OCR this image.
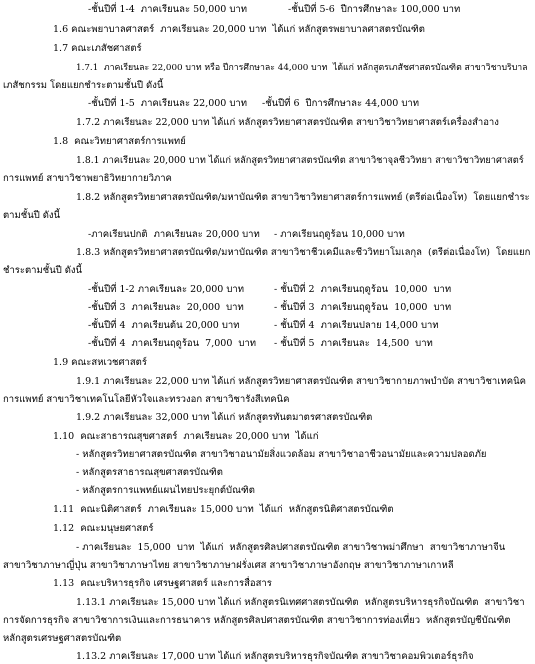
-ชั้นปีที่ 1-4  ภาคเรียนละ 50,000 บาท	-ชั้นปีที่ 5-6  ปีการศึกษาละ 100,000 บาท
1.6 คณะพยาบาลศาสตร์  ภาคเรียนละ 20,000 บาท  ได้แก่ หลักสูตรพยาบาลศาสตรบัณฑิต
1.7 คณะเภสัชศาสตร์
1.7.1  ภาคเรียนละ 22,000 บาท หรือ ปีการศึกษาละ 44,000 บาท  ได้แก่ หลักสูตรเภสัชศาสตรบัณฑิต สาขาวิชาบริบาล
เภสัชกรรม โดยแยกชำระตามชั้นปี ดังนี้
-ชั้นปีที่ 1-5  ภาคเรียนละ 22,000 บาท -ชั้นปีที่ 6  ปีการศึกษาละ 44,000 บาท
1.7.2 ภาคเรียนละ 22,000 บาท ได้แก่ หลักสูตรวิทยาศาสตรบัณฑิต สาขาวิชาวิทยาศาสตร์เครื่องสำอาง
1.8  คณะวิทยาศาสตร์การแพทย์
1.8.1 ภาคเรียนละ 20,000 บาท ได้แก่ หลักสูตรวิทยาศาสตรบัณฑิต สาขาวิชาจุลชีววิทยา สาขาวิชาวิทยาศาสตร์
การแพทย์ สาขาวิชาพยาธิวิทยากายวิภาค
1.8.2 หลักสูตรวิทยาศาสตรบัณฑิต/มหาบัณฑิต สาขาวิชาวิทยาศาสตร์การแพทย์ (ตรีต่อเนื่องโท)  โดยแยกชำระ
ตามชั้นปี ดังนี้
-ภาคเรียนปกติ  ภาคเรียนละ 20,000 บาท - ภาคเรียนฤดูร้อน 10,000 บาท
1.8.3 หลักสูตรวิทยาศาสตรบัณฑิต/มหาบัณฑิต สาขาวิชาชีวเคมีและชีววิทยาโมเลกุล  (ตรีต่อเนื่องโท)  โดยแยก
ชำระตามชั้นปี ดังนี้
-ชั้นปีที่ 1-2 ภาคเรียนละ 20,000 บาท	- ชั้นปีที่ 2  ภาคเรียนฤดูร้อน  10,000  บาท
-ชั้นปีที่ 3  ภาคเรียนละ  20,000  บาท	- ชั้นปีที่ 3  ภาคเรียนฤดูร้อน  10,000  บาท
-ชั้นปีที่ 4  ภาคเรียนต้น 20,000 บาท	- ชั้นปีที่ 4  ภาคเรียนปลาย 14,000 บาท
-ชั้นปีที่ 4  ภาคเรียนฤดูร้อน  7,000  บาท - ชั้นปีที่ 5  ภาคเรียนละ  14,500  บาท
1.9 คณะสหเวชศาสตร์
1.9.1 ภาคเรียนละ 22,000 บาท ได้แก่ หลักสูตรวิทยาศาสตรบัณฑิต สาขาวิชากายภาพบำบัด สาขาวิชาเทคนิค
การแพทย์ สาขาวิชาเทคโนโลยีหัวใจและทรวงอก สาขาวิชารังสีเทคนิค
1.9.2 ภาคเรียนละ 32,000 บาท ได้แก่ หลักสูตรทันตมาตรศาสตรบัณฑิต
1.10  คณะสาธารณสุขศาสตร์  ภาคเรียนละ 20,000 บาท  ได้แก่
- หลักสูตรวิทยาศาสตรบัณฑิต สาขาวิชาอนามัยสิ่งแวดล้อม สาขาวิชาอาชีวอนามัยและความปลอดภัย
- หลักสูตรสาธารณสุขศาสตรบัณฑิต
- หลักสูตรการแพทย์แผนไทยประยุกต์บัณฑิต
1.11  คณะนิติศาสตร์  ภาคเรียนละ 15,000 บาท  ได้แก่  หลักสูตรนิติศาสตรบัณฑิต
1.12  คณะมนุษยศาสตร์
- ภาคเรียนละ  15,000  บาท  ได้แก่  หลักสูตรศิลปศาสตรบัณฑิต สาขาวิชาพม่าศึกษา  สาขาวิชาภาษาจีน
สาขาวิชาภาษาญี่ปุ่น สาขาวิชาภาษาไทย สาขาวิชาภาษาฝรั่งเศส สาขาวิชาภาษาอังกฤษ สาขาวิชาภาษาเกาหลี
1.13  คณะบริหารธุรกิจ เศรษฐศาสตร์ และการสื่อสาร
1.13.1 ภาคเรียนละ 15,000 บาท ได้แก่ หลักสูตรนิเทศศาสตรบัณฑิต  หลักสูตรบริหารธุรกิจบัณฑิต  สาขาวิชา
การจัดการธุรกิจ สาขาวิชาการเงินและการธนาคาร หลักสูตรศิลปศาสตรบัณฑิต สาขาวิชาการท่องเที่ยว  หลักสูตรบัญชีบัณฑิต
หลักสูตรเศรษฐศาสตรบัณฑิต
1.13.2 ภาคเรียนละ 17,000 บาท ได้แก่ หลักสูตรบริหารธุรกิจบัณฑิต สาขาวิชาคอมพิวเตอร์ธุรกิจ
